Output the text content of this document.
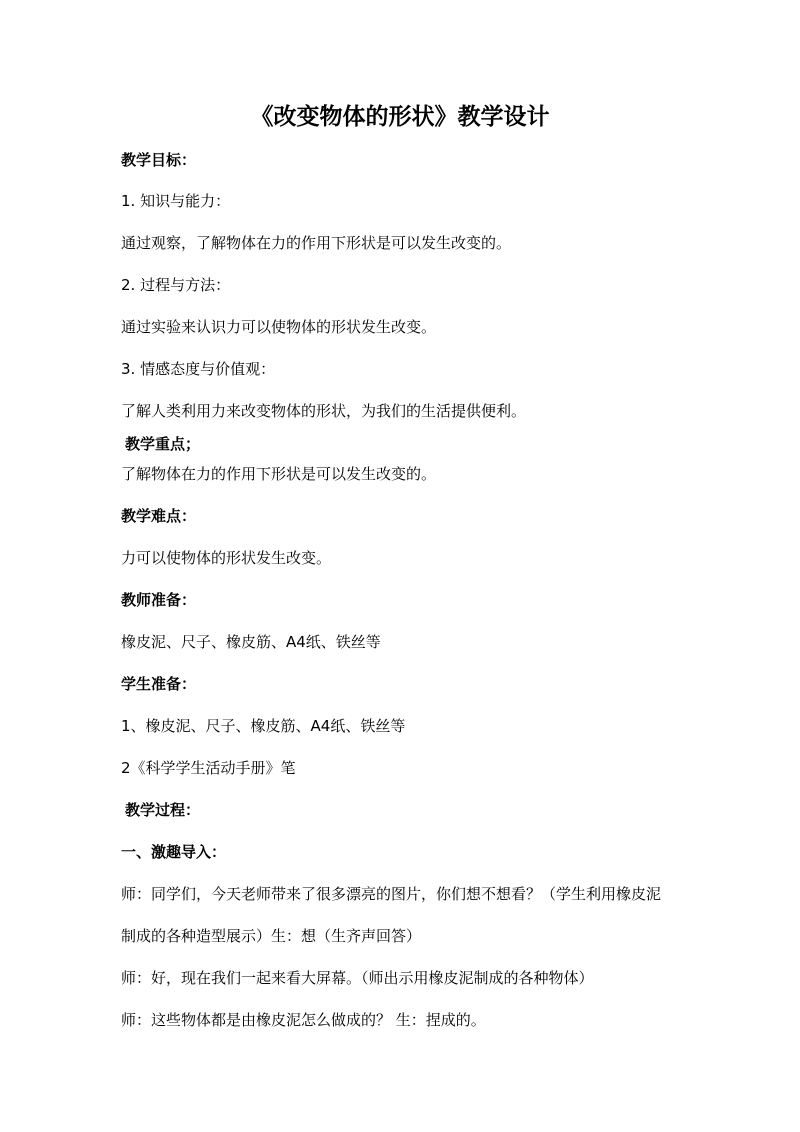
《改变物体的形状》教学设计
教学目标：
1. 知识与能力：
通过观察，了解物体在力的作用下形状是可以发生改变的。
2. 过程与方法：
通过实验来认识力可以使物体的形状发生改变。
3. 情感态度与价值观：
了解人类利用力来改变物体的形状，为我们的生活提供便利。
教学重点；
了解物体在力的作用下形状是可以发生改变的。
教学难点：
力可以使物体的形状发生改变。
教师准备：
橡皮泥、尺子、橡皮筋、A4纸、铁丝等
学生准备：
1、橡皮泥、尺子、橡皮筋、A4纸、铁丝等
2《科学学生活动手册》笔
教学过程：
一、激趣导入：
师：同学们，今天老师带来了很多漂亮的图片，你们想不想看？（学生利用橡皮泥
制成的各种造型展示）生：想（生齐声回答）
师：好，现在我们一起来看大屏幕。（师出示用橡皮泥制成的各种物体）
师：这些物体都是由橡皮泥怎么做成的？ 生：捏成的。
